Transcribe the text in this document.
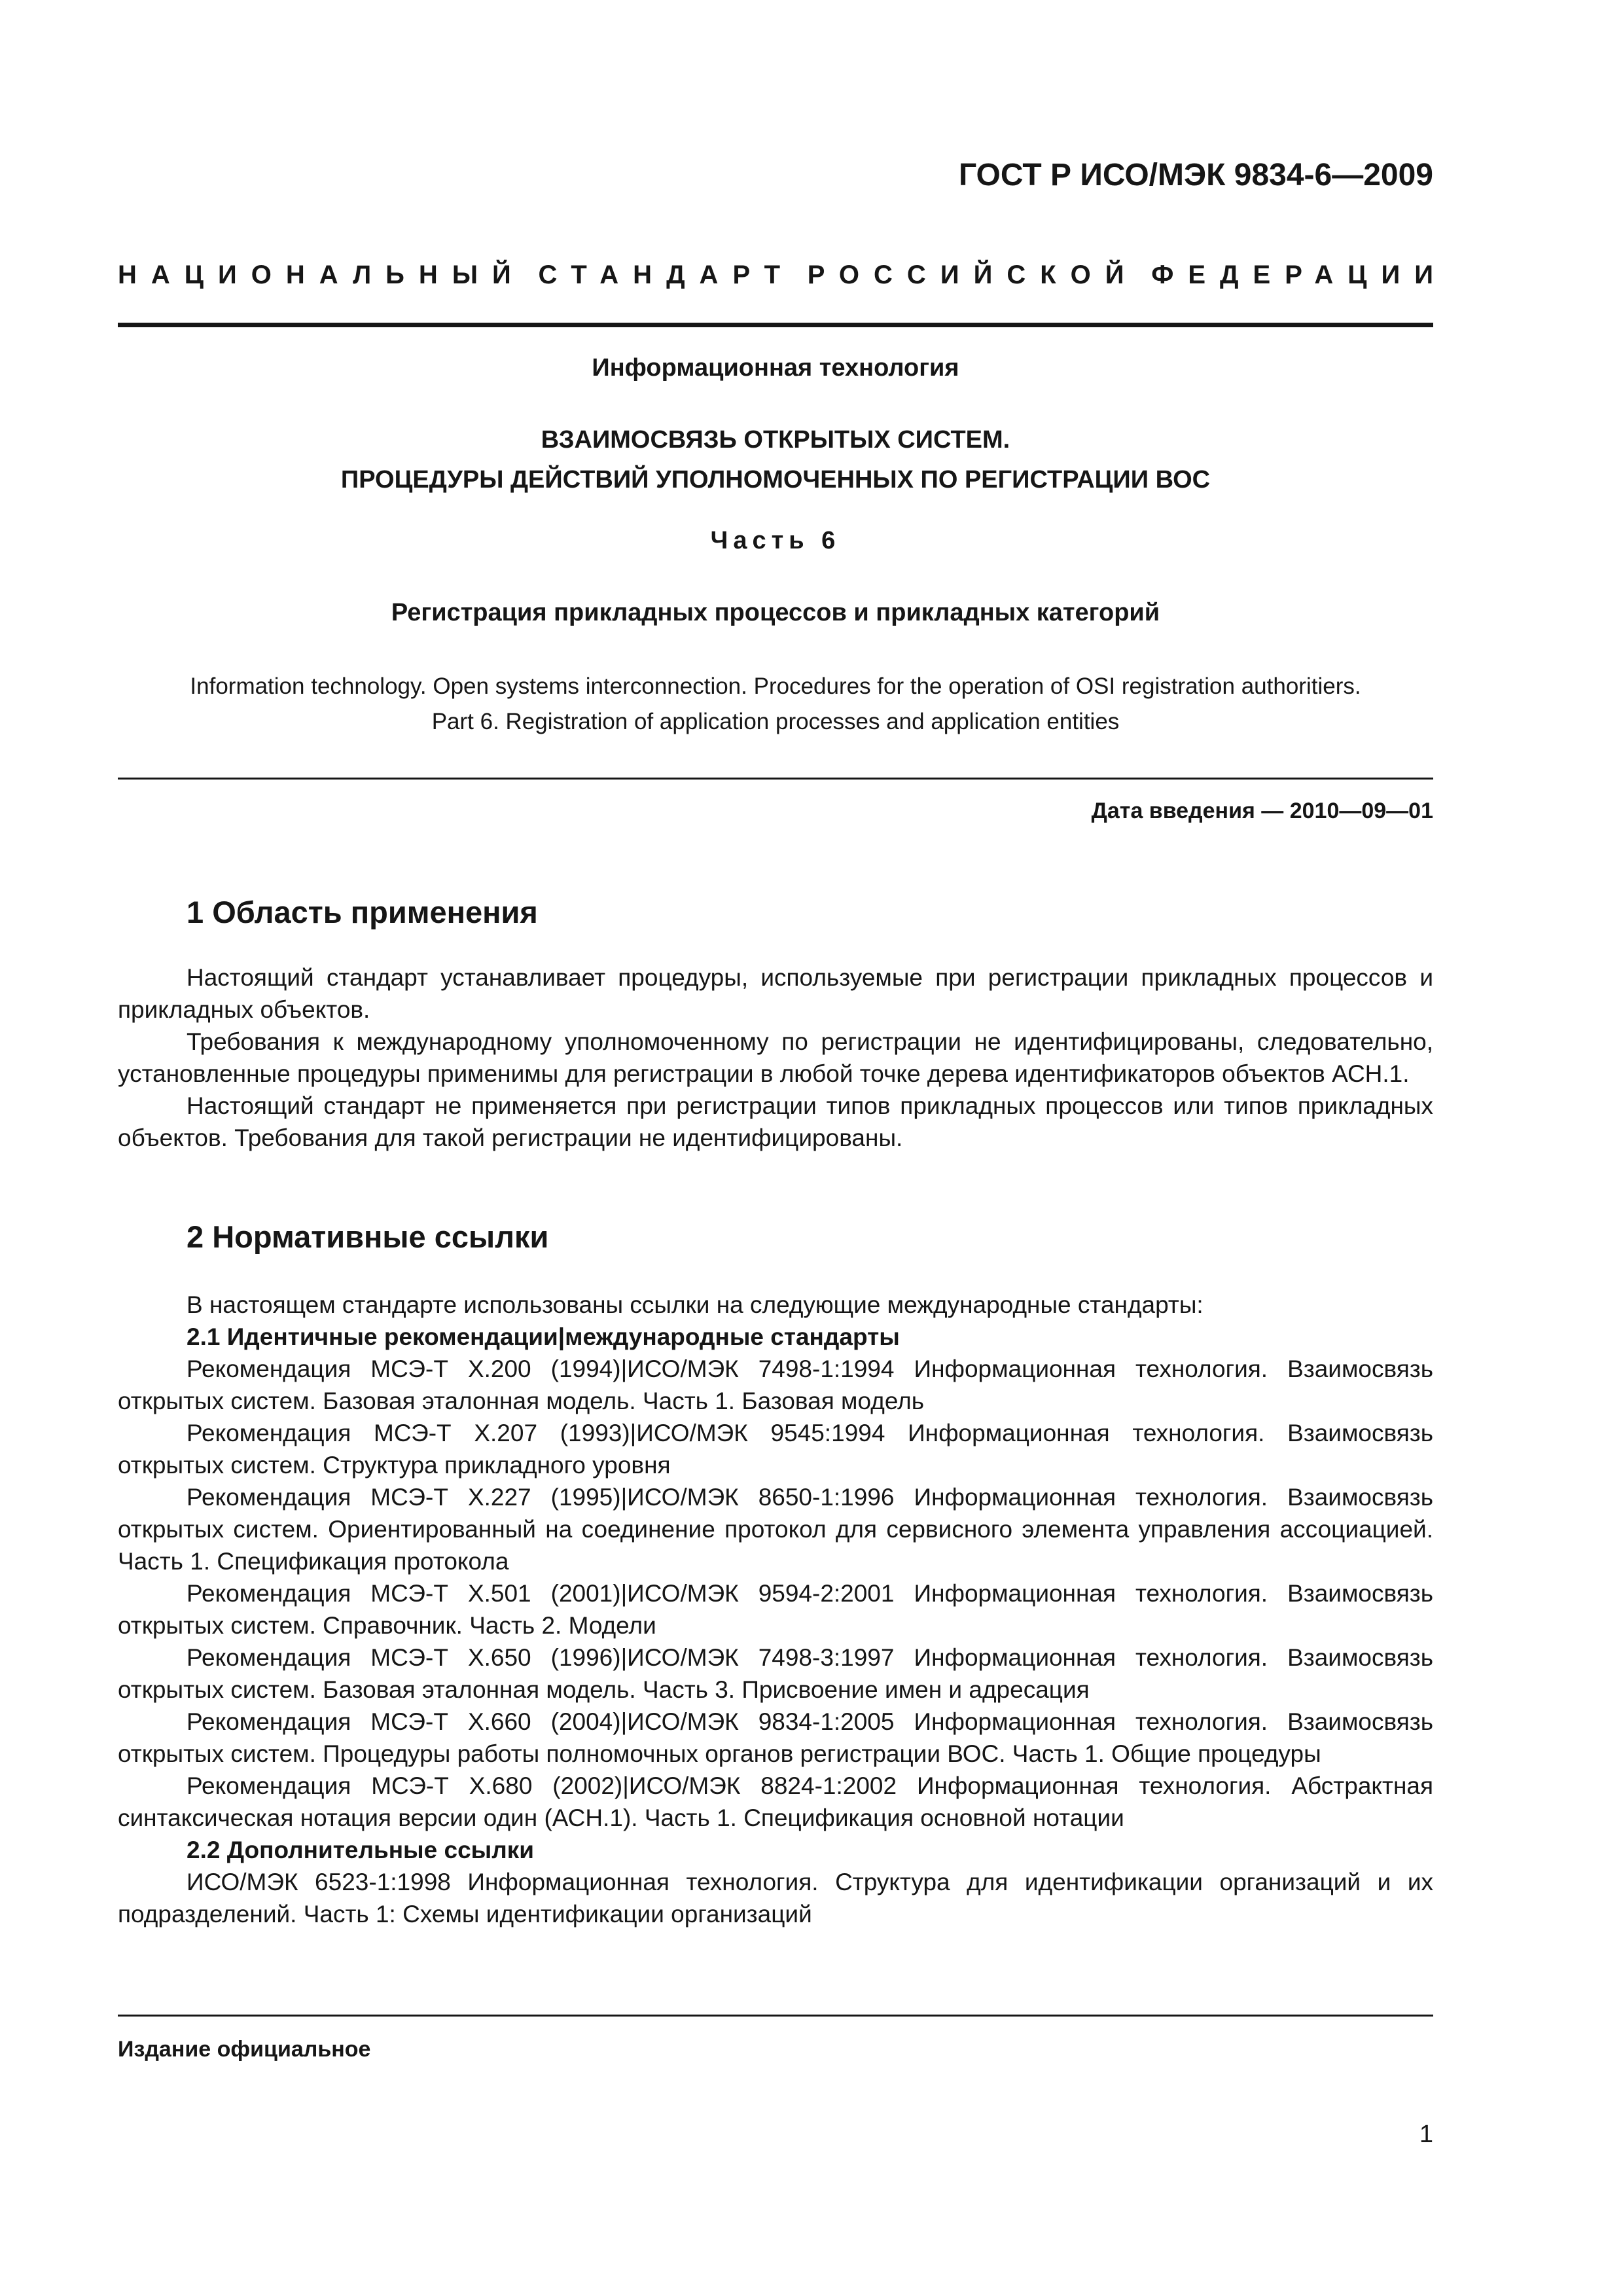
ГОСТ Р ИСО/МЭК 9834-6—2009
НАЦИОНАЛЬНЫЙ СТАНДАРТ РОССИЙСКОЙ ФЕДЕРАЦИИ
Информационная технология
ВЗАИМОСВЯЗЬ ОТКРЫТЫХ СИСТЕМ.
ПРОЦЕДУРЫ ДЕЙСТВИЙ УПОЛНОМОЧЕННЫХ ПО РЕГИСТРАЦИИ ВОС
Часть 6
Регистрация прикладных процессов и прикладных категорий
Information technology. Open systems interconnection. Procedures for the operation of OSI registration authoritiers.
Part 6. Registration of application processes and application entities
Дата введения — 2010—09—01
1 Область применения

Настоящий стандарт устанавливает процедуры, используемые при регистрации прикладных процессов и прикладных объектов.

Требования к международному уполномоченному по регистрации не идентифицированы, следовательно, установленные процедуры применимы для регистрации в любой точке дерева идентификаторов объектов АСН.1.

Настоящий стандарт не применяется при регистрации типов прикладных процессов или типов прикладных объектов. Требования для такой регистрации не идентифицированы.

2 Нормативные ссылки

В настоящем стандарте использованы ссылки на следующие международные стандарты:

2.1 Идентичные рекомендации|международные стандарты

Рекомендация МСЭ-Т Х.200 (1994)|ИСО/МЭК 7498-1:1994 Информационная технология. Взаимосвязь открытых систем. Базовая эталонная модель. Часть 1. Базовая модель

Рекомендация МСЭ-Т Х.207 (1993)|ИСО/МЭК 9545:1994 Информационная технология. Взаимосвязь открытых систем. Структура прикладного уровня

Рекомендация МСЭ-Т Х.227 (1995)|ИСО/МЭК 8650-1:1996 Информационная технология. Взаимосвязь открытых систем. Ориентированный на соединение протокол для сервисного элемента управления ассоциацией. Часть 1. Спецификация протокола

Рекомендация МСЭ-Т Х.501 (2001)|ИСО/МЭК 9594-2:2001 Информационная технология. Взаимосвязь открытых систем. Справочник. Часть 2. Модели

Рекомендация МСЭ-Т Х.650 (1996)|ИСО/МЭК 7498-3:1997 Информационная технология. Взаимосвязь открытых систем. Базовая эталонная модель. Часть 3. Присвоение имен и адресация

Рекомендация МСЭ-Т Х.660 (2004)|ИСО/МЭК 9834-1:2005 Информационная технология. Взаимосвязь открытых систем. Процедуры работы полномочных органов регистрации ВОС. Часть 1. Общие процедуры

Рекомендация МСЭ-Т Х.680 (2002)|ИСО/МЭК 8824-1:2002 Информационная технология. Абстрактная синтаксическая нотация версии один (АСН.1). Часть 1. Спецификация основной нотации

2.2 Дополнительные ссылки

ИСО/МЭК 6523-1:1998 Информационная технология. Структура для идентификации организаций и их подразделений. Часть 1: Схемы идентификации организаций

Издание официальное
1
